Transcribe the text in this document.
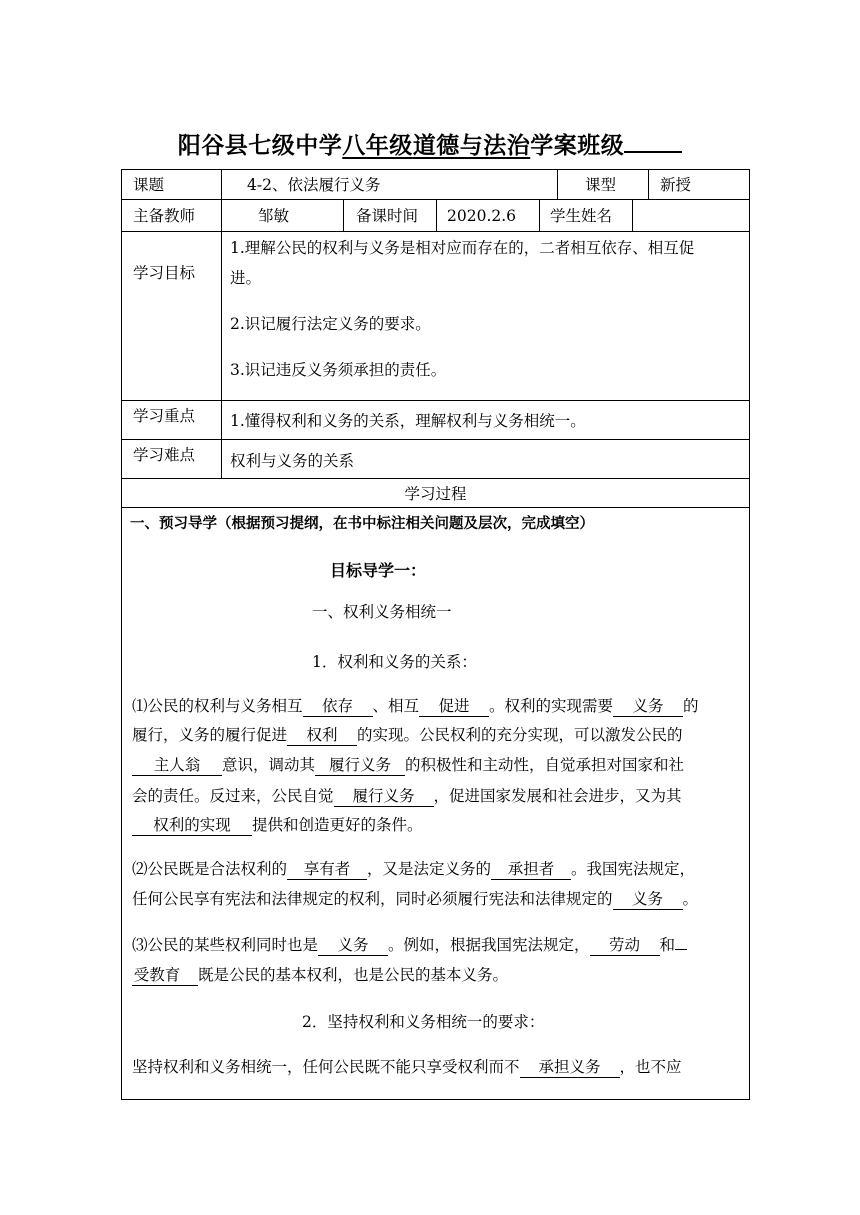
阳谷县七级中学八年级道德与法治学案班级
课题	4-2、依法履行义务	课型	新授
主备教师	邹敏	备课时间 2020.2.6 学生姓名
学习目标
1.理解公民的权利与义务是相对应而存在的，二者相互依存、相互促
进。
2.识记履行法定义务的要求。
3.识记违反义务须承担的责任。
学习重点 1.懂得权利和义务的关系，理解权利与义务相统一。
学习难点 权利与义务的关系
学习过程
一、预习导学（根据预习提纲，在书中标注相关问题及层次，完成填空）
目标导学一：
一、权利义务相统一
1．权利和义务的关系：
⑴公民的权利与义务相互 依存 、相互 促进 。权利的实现需要 义务 的
履行，义务的履行促进 权利 的实现。公民权利的充分实现，可以激发公民的
主人翁 意识，调动其 履行义务 的积极性和主动性，自觉承担对国家和社
会的责任。反过来，公民自觉 履行义务 ，促进国家发展和社会进步，又为其
权利的实现 提供和创造更好的条件。
⑵公民既是合法权利的 享有者 ，又是法定义务的 承担者 。我国宪法规定，
任何公民享有宪法和法律规定的权利，同时必须履行宪法和法律规定的 义务 。
⑶公民的某些权利同时也是 义务 。例如，根据我国宪法规定， 劳动 和
受教育 既是公民的基本权利，也是公民的基本义务。
2．坚持权利和义务相统一的要求：
坚持权利和义务相统一，任何公民既不能只享受权利而不 承担义务 ，也不应
